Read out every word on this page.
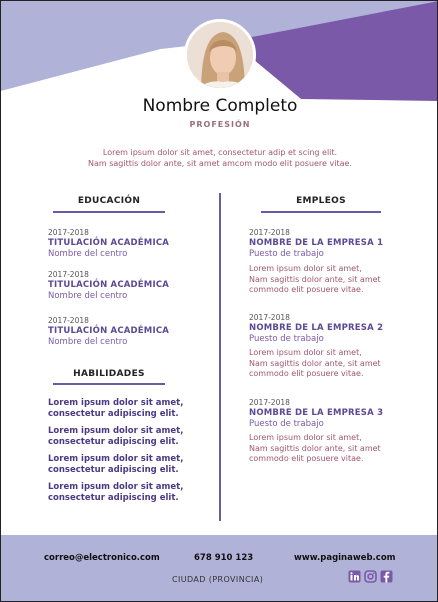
Nombre Completo
PROFESIÓN
Lorem ipsum dolor sit amet, consectetur adip et scing elit.
Nam sagittis dolor ante, sit amet amcom modo elit posuere vitae.
EDUCACIÓN
2017-2018
TITULACIÓN ACADÉMICA
Nombre del centro
2017-2018
TITULACIÓN ACADÉMICA
Nombre del centro
2017-2018
TITULACIÓN ACADÉMICA
Nombre del centro
HABILIDADES
Lorem ipsum dolor sit amet,
consectetur adipiscing elit.
Lorem ipsum dolor sit amet,
consectetur adipiscing elit.
Lorem ipsum dolor sit amet,
consectetur adipiscing elit.
Lorem ipsum dolor sit amet,
consectetur adipiscing elit.
EMPLEOS
2017-2018
NOMBRE DE LA EMPRESA 1
Puesto de trabajo
Lorem ipsum dolor sit amet,
Nam sagittis dolor ante, sit amet
commodo elit posuere vitae.
2017-2018
NOMBRE DE LA EMPRESA 2
Puesto de trabajo
Lorem ipsum dolor sit amet,
Nam sagittis dolor ante, sit amet
commodo elit posuere vitae.
2017-2018
NOMBRE DE LA EMPRESA 3
Puesto de trabajo
Lorem ipsum dolor sit amet,
Nam sagittis dolor ante, sit amet
commodo elit posuere vitae.
correo@electronico.com	678 910 123	www.paginaweb.com
CIUDAD (PROVINCIA)
